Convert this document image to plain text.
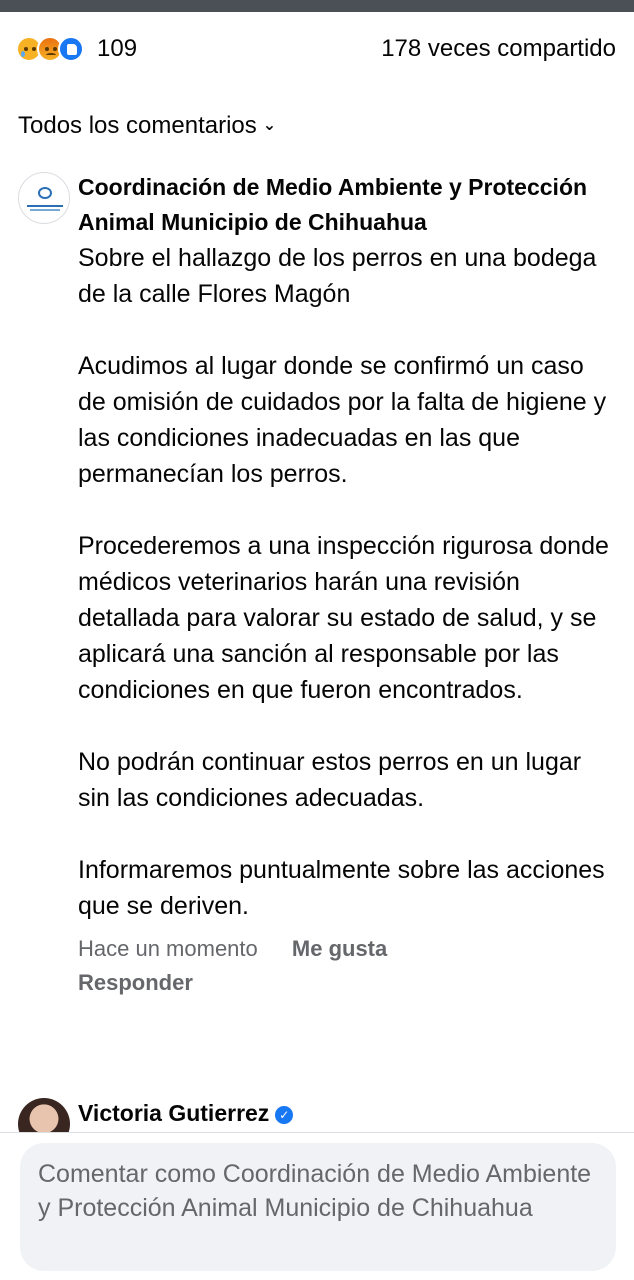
109	178 veces compartido
Todos los comentarios ⌄
Coordinación de Medio Ambiente y Protección Animal Municipio de Chihuahua
Sobre el hallazgo de los perros en una bodega de la calle Flores Magón

Acudimos al lugar donde se confirmó un caso de omisión de cuidados por la falta de higiene y las condiciones inadecuadas en las que permanecían los perros.

Procederemos a una inspección rigurosa donde médicos veterinarios harán una revisión detallada para valorar su estado de salud, y se aplicará una sanción al responsable por las condiciones en que fueron encontrados.

No podrán continuar estos perros en un lugar sin las condiciones adecuadas.

Informaremos puntualmente sobre las acciones que se deriven.
Hace un momento Me gusta
Responder
Victoria Gutierrez ✓
Comentar como Coordinación de Medio Ambiente y Protección Animal Municipio de Chihuahua
